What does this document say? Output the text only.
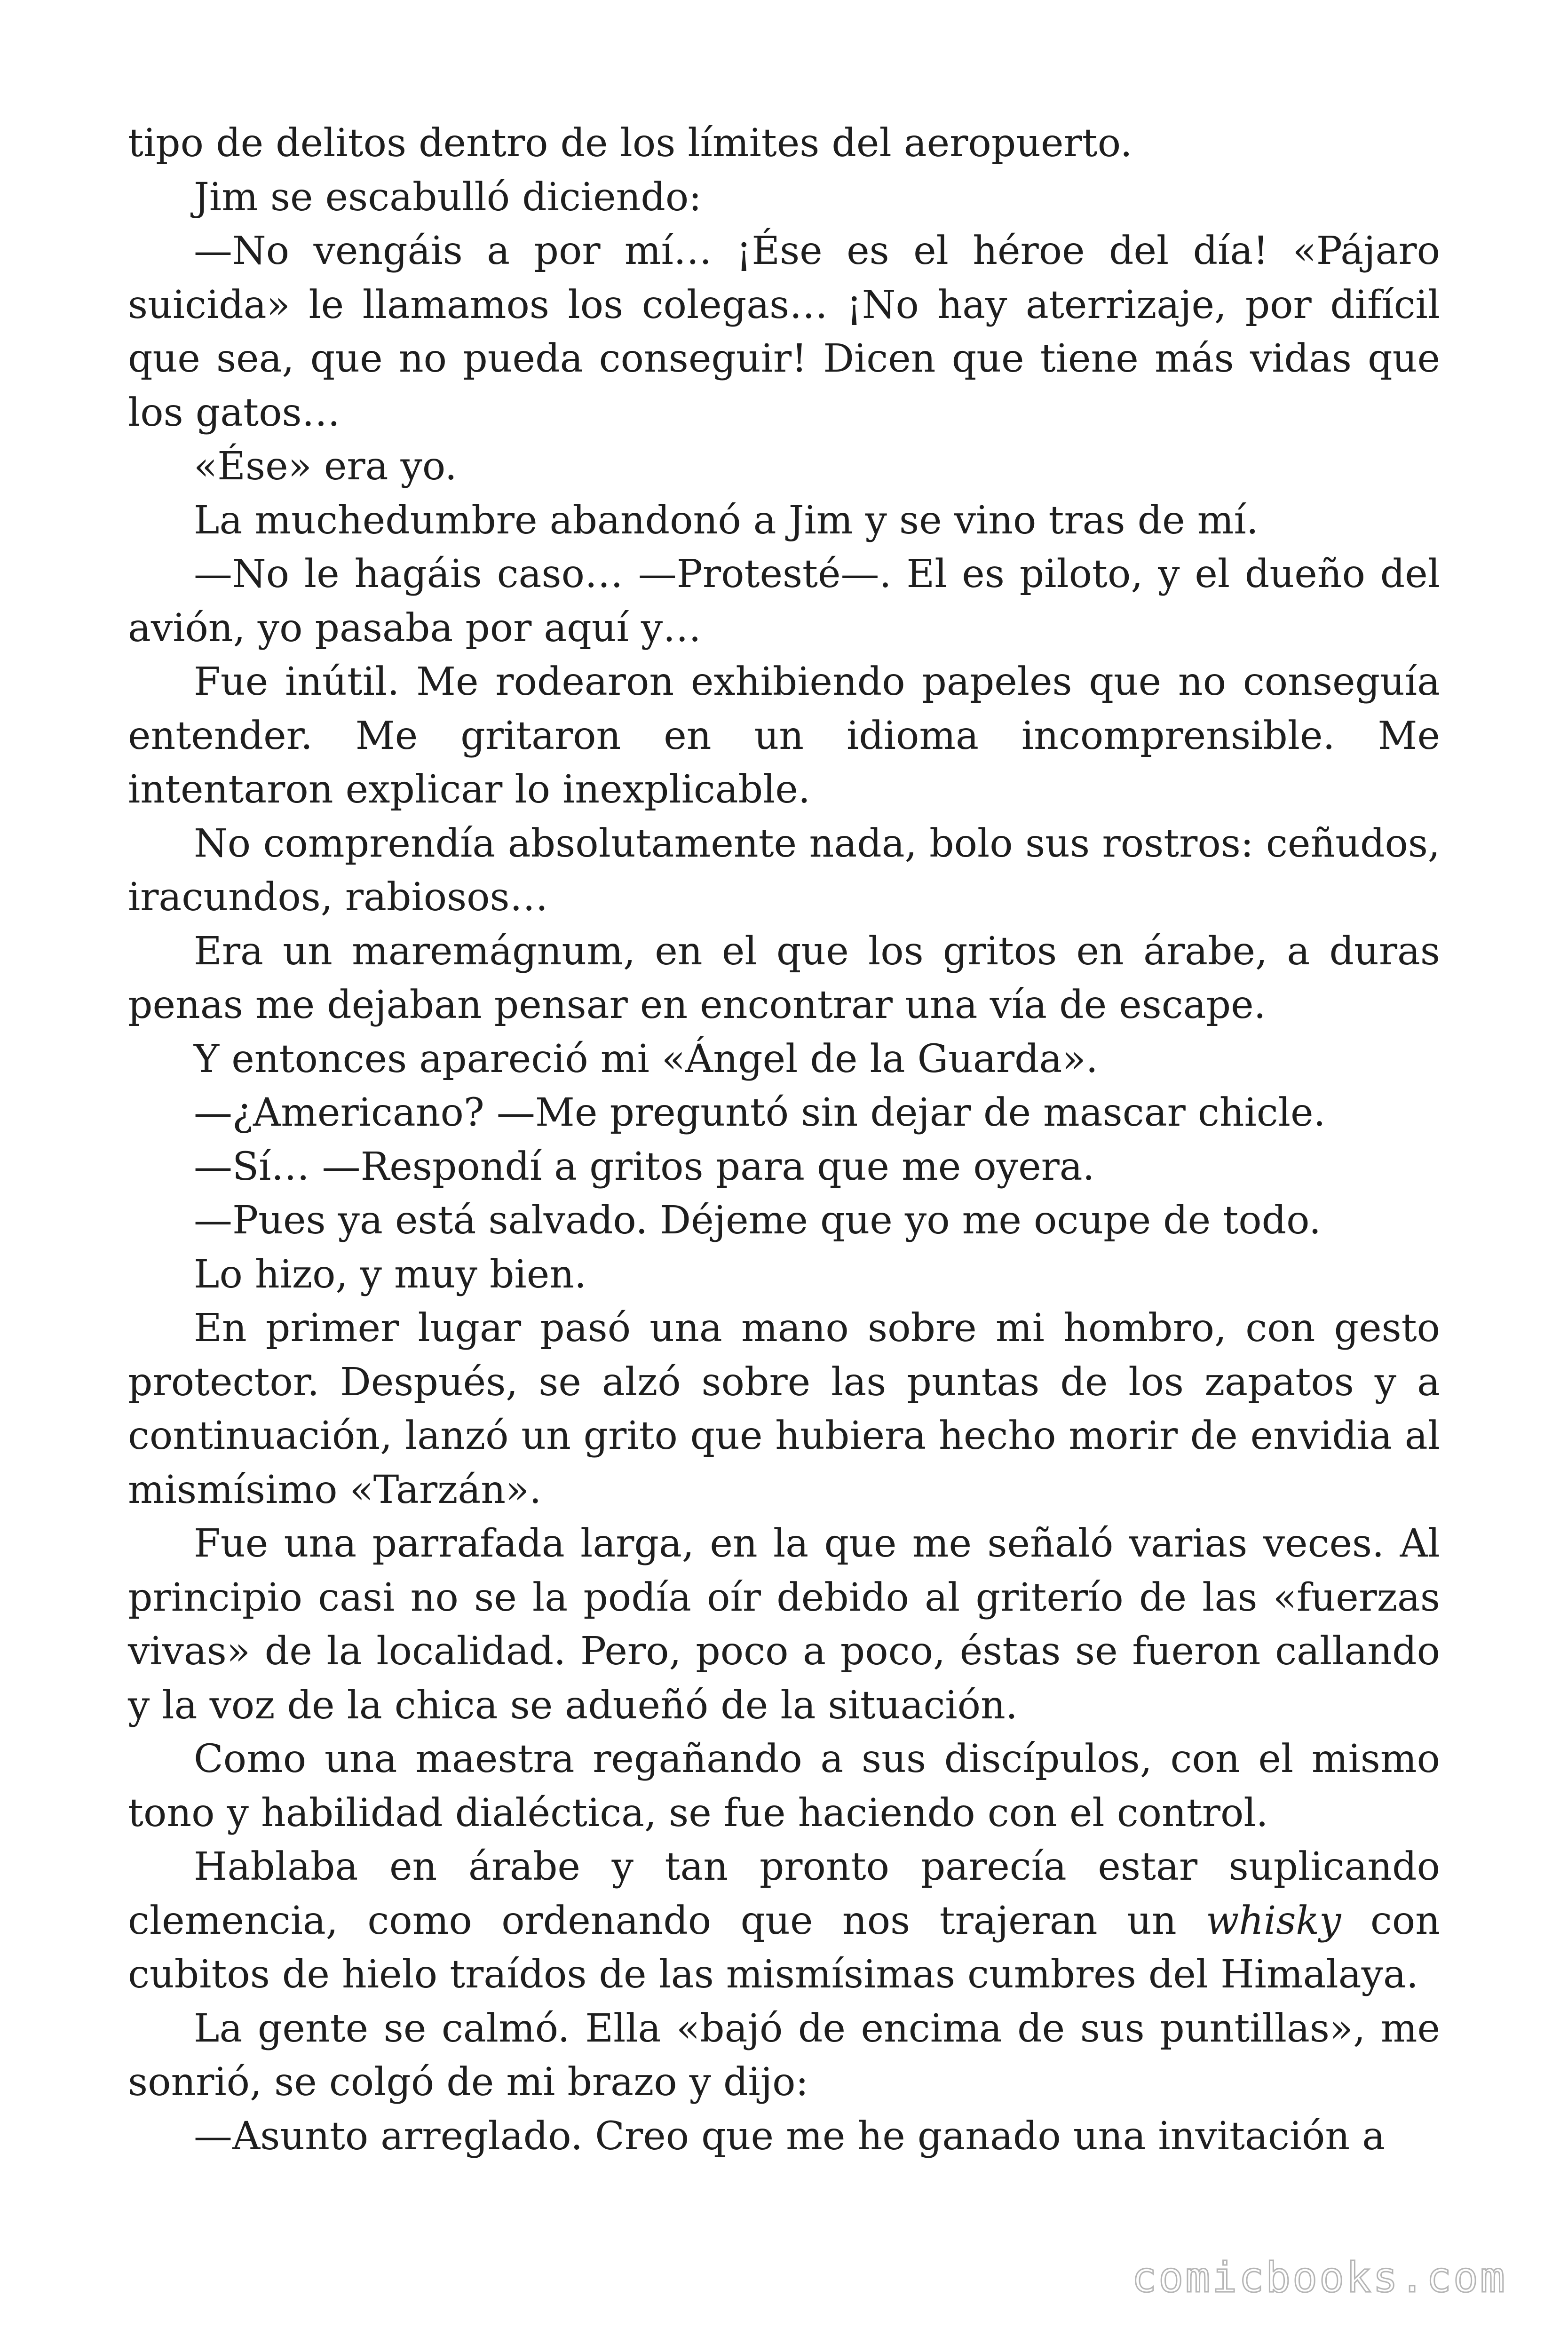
tipo de delitos dentro de los límites del aeropuerto.

Jim se escabulló diciendo:

—No vengáis a por mí… ¡Ése es el héroe del día! «Pájaro suicida» le llamamos los colegas… ¡No hay aterrizaje, por difícil que sea, que no pueda conseguir! Dicen que tiene más vidas que los gatos…

«Ése» era yo.

La muchedumbre abandonó a Jim y se vino tras de mí.

—No le hagáis caso… —Protesté—. El es piloto, y el dueño del avión, yo pasaba por aquí y…

Fue inútil. Me rodearon exhibiendo papeles que no conseguía entender. Me gritaron en un idioma incomprensible. Me intentaron explicar lo inexplicable.

No comprendía absolutamente nada, bolo sus rostros: ceñudos, iracundos, rabiosos…

Era un maremágnum, en el que los gritos en árabe, a duras penas me dejaban pensar en encontrar una vía de escape.

Y entonces apareció mi «Ángel de la Guarda».

—¿Americano? —Me preguntó sin dejar de mascar chicle.

—Sí… —Respondí a gritos para que me oyera.

—Pues ya está salvado. Déjeme que yo me ocupe de todo.

Lo hizo, y muy bien.

En primer lugar pasó una mano sobre mi hombro, con gesto protector. Después, se alzó sobre las puntas de los zapatos y a continuación, lanzó un grito que hubiera hecho morir de envidia al mismísimo «Tarzán».

Fue una parrafada larga, en la que me señaló varias veces. Al principio casi no se la podía oír debido al griterío de las «fuerzas vivas» de la localidad. Pero, poco a poco, éstas se fueron callando y la voz de la chica se adueñó de la situación.

Como una maestra regañando a sus discípulos, con el mismo tono y habilidad dialéctica, se fue haciendo con el control.

Hablaba en árabe y tan pronto parecía estar suplicando clemencia, como ordenando que nos trajeran un whisky con cubitos de hielo traídos de las mismísimas cumbres del Himalaya.

La gente se calmó. Ella «bajó de encima de sus puntillas», me sonrió, se colgó de mi brazo y dijo:

—Asunto arreglado. Creo que me he ganado una invitación a

comicbooks.com
